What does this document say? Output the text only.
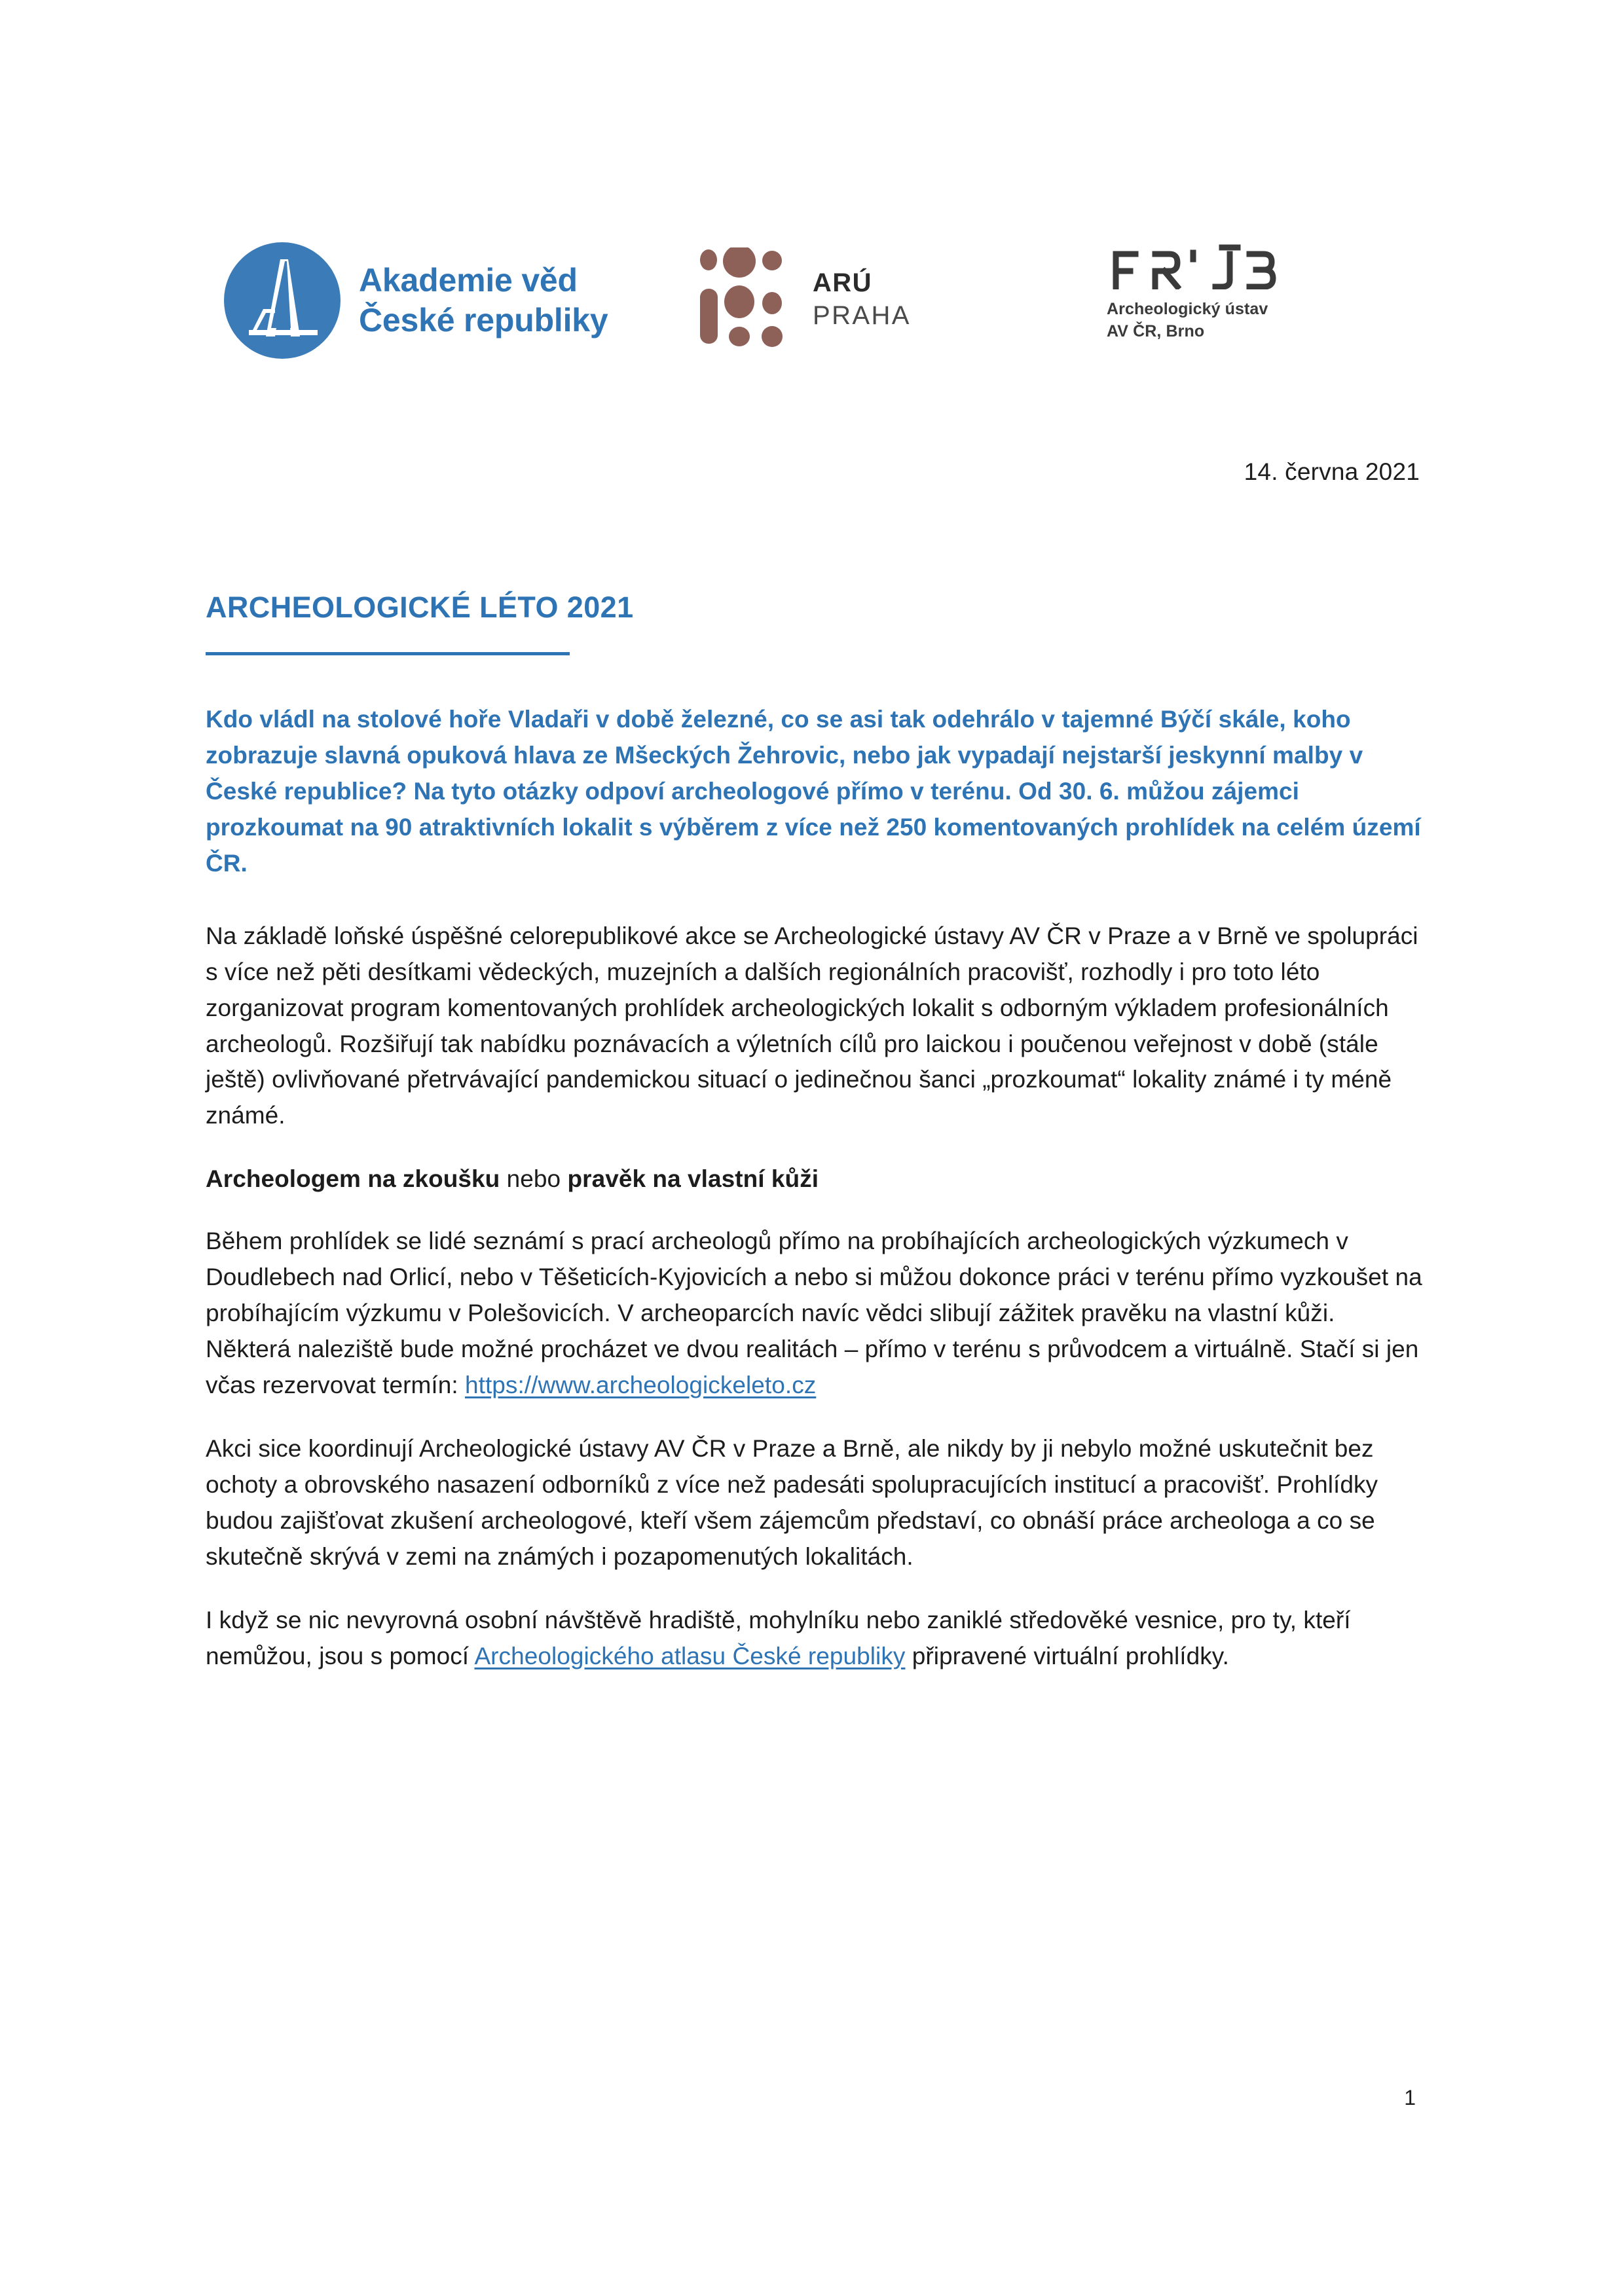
Akademie věd
České republiky
ARÚ
PRAHA	Archeologický ústav
AV ČR, Brno
14. června 2021
ARCHEOLOGICKÉ LÉTO 2021

Kdo vládl na stolové hoře Vladaři v době železné, co se asi tak odehrálo v tajemné Býčí skále, koho zobrazuje slavná opuková hlava ze Mšeckých Žehrovic, nebo jak vypadají nejstarší jeskynní malby v České republice? Na tyto otázky odpoví archeologové přímo v terénu. Od 30. 6. můžou zájemci prozkoumat na 90 atraktivních lokalit s výběrem z více než 250 komentovaných prohlídek na celém území ČR.

Na základě loňské úspěšné celorepublikové akce se Archeologické ústavy AV ČR v Praze a v Brně ve spolupráci s více než pěti desítkami vědeckých, muzejních a dalších regionálních pracovišť, rozhodly i pro toto léto zorganizovat program komentovaných prohlídek archeologických lokalit s odborným výkladem profesionálních archeologů. Rozšiřují tak nabídku poznávacích a výletních cílů pro laickou i poučenou veřejnost v době (stále ještě) ovlivňované přetrvávající pandemickou situací o jedinečnou šanci „prozkoumat“ lokality známé i ty méně známé.

Archeologem na zkoušku nebo pravěk na vlastní kůži

Během prohlídek se lidé seznámí s prací archeologů přímo na probíhajících archeologických výzkumech v Doudlebech nad Orlicí, nebo v Těšeticích-Kyjovicích a nebo si můžou dokonce práci v terénu přímo vyzkoušet na probíhajícím výzkumu v Polešovicích. V archeoparcích navíc vědci slibují zážitek pravěku na vlastní kůži. Některá naleziště bude možné procházet ve dvou realitách – přímo v terénu s průvodcem a virtuálně. Stačí si jen včas rezervovat termín: https://www.archeologickeleto.cz

Akci sice koordinují Archeologické ústavy AV ČR v Praze a Brně, ale nikdy by ji nebylo možné uskutečnit bez ochoty a obrovského nasazení odborníků z více než padesáti spolupracujících institucí a pracovišť. Prohlídky budou zajišťovat zkušení archeologové, kteří všem zájemcům představí, co obnáší práce archeologa a co se skutečně skrývá v zemi na známých i pozapomenutých lokalitách.

I když se nic nevyrovná osobní návštěvě hradiště, mohylníku nebo zaniklé středověké vesnice, pro ty, kteří nemůžou, jsou s pomocí Archeologického atlasu České republiky připravené virtuální prohlídky.

1
